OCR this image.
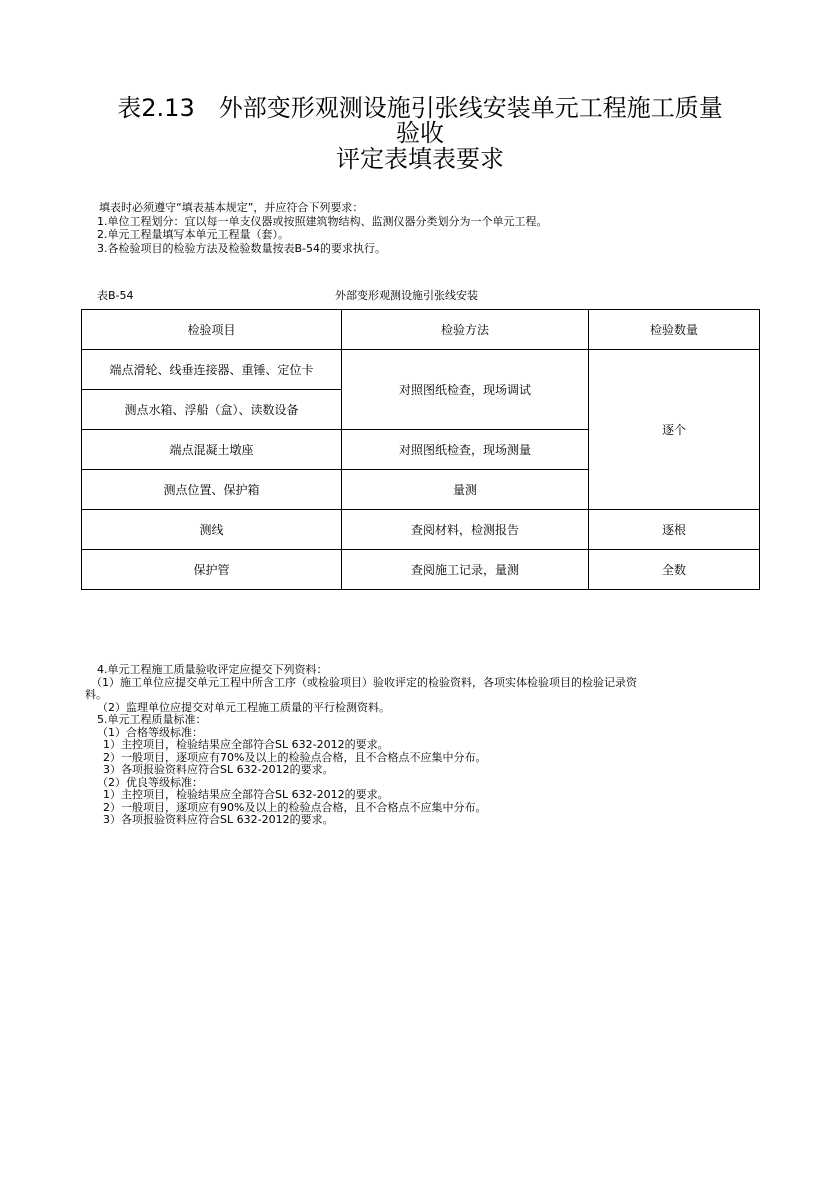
表2.13　外部变形观测设施引张线安装单元工程施工质量
验收
评定表填表要求
填表时必须遵守“填表基本规定”，并应符合下列要求：
1.单位工程划分：宜以每一单支仪器或按照建筑物结构、监测仪器分类划分为一个单元工程。
2.单元工程量填写本单元工程量（套）。
3.各检验项目的检验方法及检验数量按表B-54的要求执行。
表B-54	外部变形观测设施引张线安装
检验项目	检验方法	检验数量
端点滑轮、线垂连接器、重锤、定位卡	对照图纸检查，现场调试	逐个
测点水箱、浮船（盒）、读数设备		
端点混凝土墩座	对照图纸检查，现场测量	
测点位置、保护箱	量测	
测线	查阅材料，检测报告	逐根
保护管	查阅施工记录，量测	全数
4.单元工程施工质量验收评定应提交下列资料：
（1）施工单位应提交单元工程中所含工序（或检验项目）验收评定的检验资料，各项实体检验项目的检验记录资
料。
（2）监理单位应提交对单元工程施工质量的平行检测资料。
5.单元工程质量标准：
（1）合格等级标准：
1）主控项目，检验结果应全部符合SL 632-2012的要求。
2）一般项目，逐项应有70%及以上的检验点合格，且不合格点不应集中分布。
3）各项报验资料应符合SL 632-2012的要求。
（2）优良等级标准：
1）主控项目，检验结果应全部符合SL 632-2012的要求。
2）一般项目，逐项应有90%及以上的检验点合格，且不合格点不应集中分布。
3）各项报验资料应符合SL 632-2012的要求。
